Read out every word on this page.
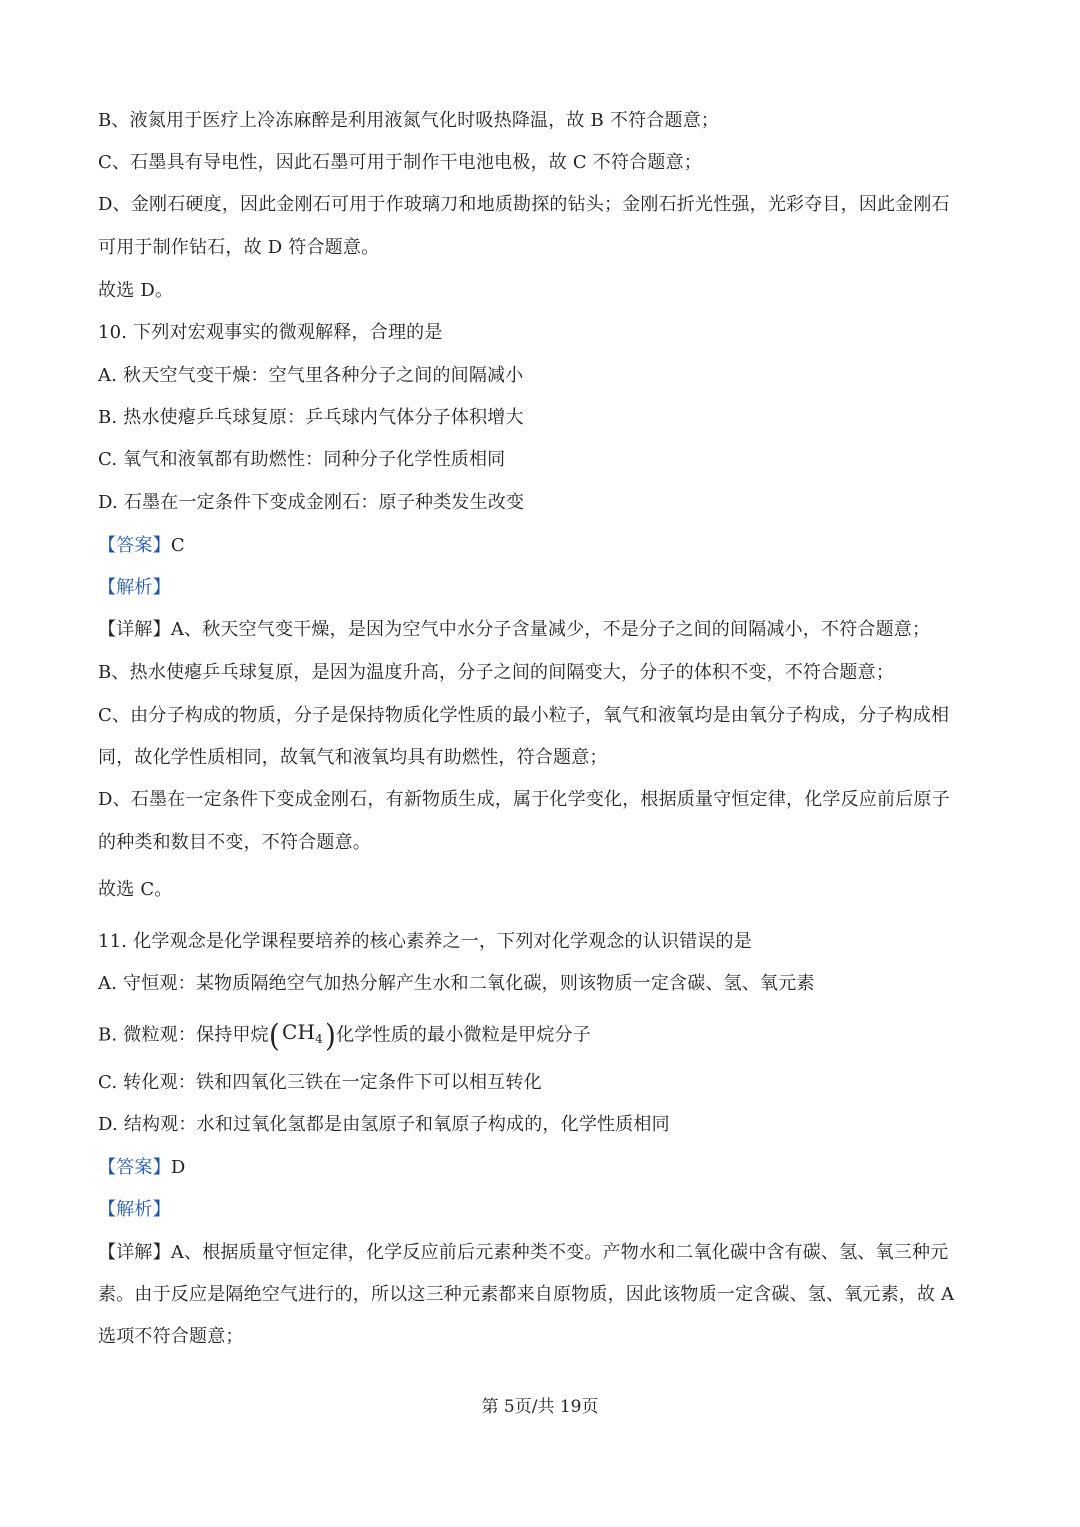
B、液氮用于医疗上冷冻麻醉是利用液氮气化时吸热降温，故 B 不符合题意；
C、石墨具有导电性，因此石墨可用于制作干电池电极，故 C 不符合题意；
D、金刚石硬度，因此金刚石可用于作玻璃刀和地质勘探的钻头；金刚石折光性强，光彩夺目，因此金刚石
可用于制作钻石，故 D 符合题意。
故选 D。
10. 下列对宏观事实的微观解释，合理的是
A. 秋天空气变干燥：空气里各种分子之间的间隔减小
B. 热水使瘪乒乓球复原：乒乓球内气体分子体积增大
C. 氧气和液氧都有助燃性：同种分子化学性质相同
D. 石墨在一定条件下变成金刚石：原子种类发生改变
【答案】C
【解析】
【详解】A、秋天空气变干燥，是因为空气中水分子含量减少，不是分子之间的间隔减小，不符合题意；
B、热水使瘪乒乓球复原，是因为温度升高，分子之间的间隔变大，分子的体积不变，不符合题意；
C、由分子构成的物质，分子是保持物质化学性质的最小粒子，氧气和液氧均是由氧分子构成，分子构成相
同，故化学性质相同，故氧气和液氧均具有助燃性，符合题意；
D、石墨在一定条件下变成金刚石，有新物质生成，属于化学变化，根据质量守恒定律，化学反应前后原子
的种类和数目不变，不符合题意。
故选 C。
11. 化学观念是化学课程要培养的核心素养之一，下列对化学观念的认识错误的是
A. 守恒观：某物质隔绝空气加热分解产生水和二氧化碳，则该物质一定含碳、氢、氧元素
B. 微粒观：保持甲烷( $CH_4$)化学性质的最小微粒是甲烷分子
C. 转化观：铁和四氧化三铁在一定条件下可以相互转化
D. 结构观：水和过氧化氢都是由氢原子和氧原子构成的，化学性质相同
【答案】D
【解析】
【详解】A、根据质量守恒定律，化学反应前后元素种类不变。产物水和二氧化碳中含有碳、氢、氧三种元
素。由于反应是隔绝空气进行的，所以这三种元素都来自原物质，因此该物质一定含碳、氢、氧元素，故 A
选项不符合题意；
第 5页/共 19页
